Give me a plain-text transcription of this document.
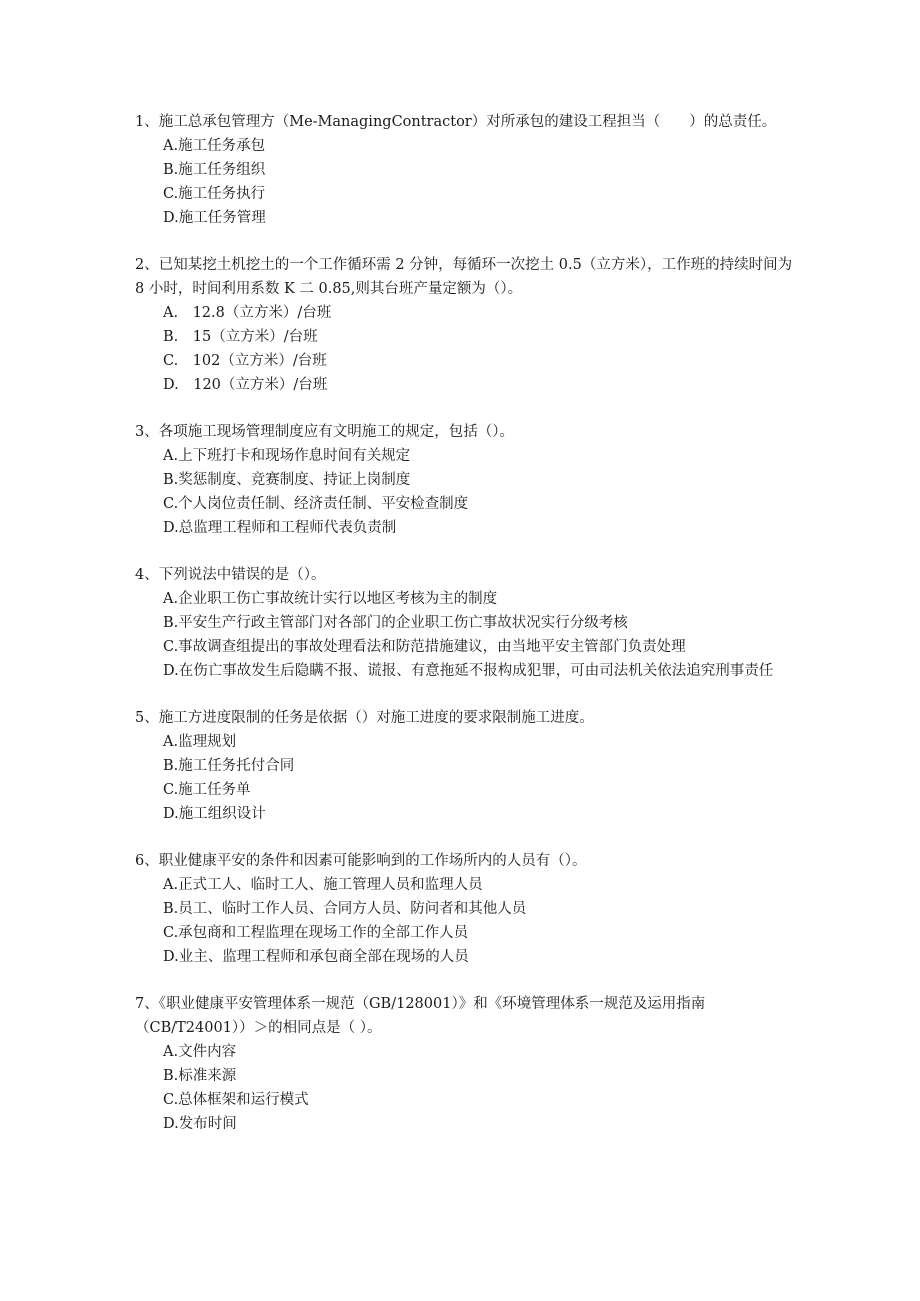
1、施工总承包管理方（Me-ManagingContractor）对所承包的建设工程担当（　　）的总责任。

A.施工任务承包
B.施工任务组织
C.施工任务执行
D.施工任务管理

2、已知某挖土机挖土的一个工作循环需 2 分钟，每循环一次挖土 0.5（立方米），工作班的持续时间为 8 小时，时间利用系数 K 二 0.85,则其台班产量定额为（）。

A.　12.8（立方米）/台班
B.　15（立方米）/台班
C.　102（立方米）/台班
D.　120（立方米）/台班

3、各项施工现场管理制度应有文明施工的规定，包括（）。

A.上下班打卡和现场作息时间有关规定
B.奖惩制度、竞赛制度、持证上岗制度
C.个人岗位责任制、经济责任制、平安检查制度
D.总监理工程师和工程师代表负责制

4、下列说法中错误的是（）。

A.企业职工伤亡事故统计实行以地区考核为主的制度
B.平安生产行政主管部门对各部门的企业职工伤亡事故状况实行分级考核
C.事故调查组提出的事故处理看法和防范措施建议，由当地平安主管部门负责处理
D.在伤亡事故发生后隐瞒不报、谎报、有意拖延不报构成犯罪，可由司法机关依法追究刑事责任

5、施工方进度限制的任务是依据（）对施工进度的要求限制施工进度。

A.监理规划
B.施工任务托付合同
C.施工任务单
D.施工组织设计

6、职业健康平安的条件和因素可能影响到的工作场所内的人员有（）。

A.正式工人、临时工人、施工管理人员和监理人员
B.员工、临时工作人员、合同方人员、防问者和其他人员
C.承包商和工程监理在现场工作的全部工作人员
D.业主、监理工程师和承包商全部在现场的人员

7、《职业健康平安管理体系一规范（GB/128001）》和《环境管理体系一规范及运用指南（CB/T24001））＞的相同点是（ ）。

A.文件内容
B.标准来源
C.总体框架和运行模式
D.发布时间
